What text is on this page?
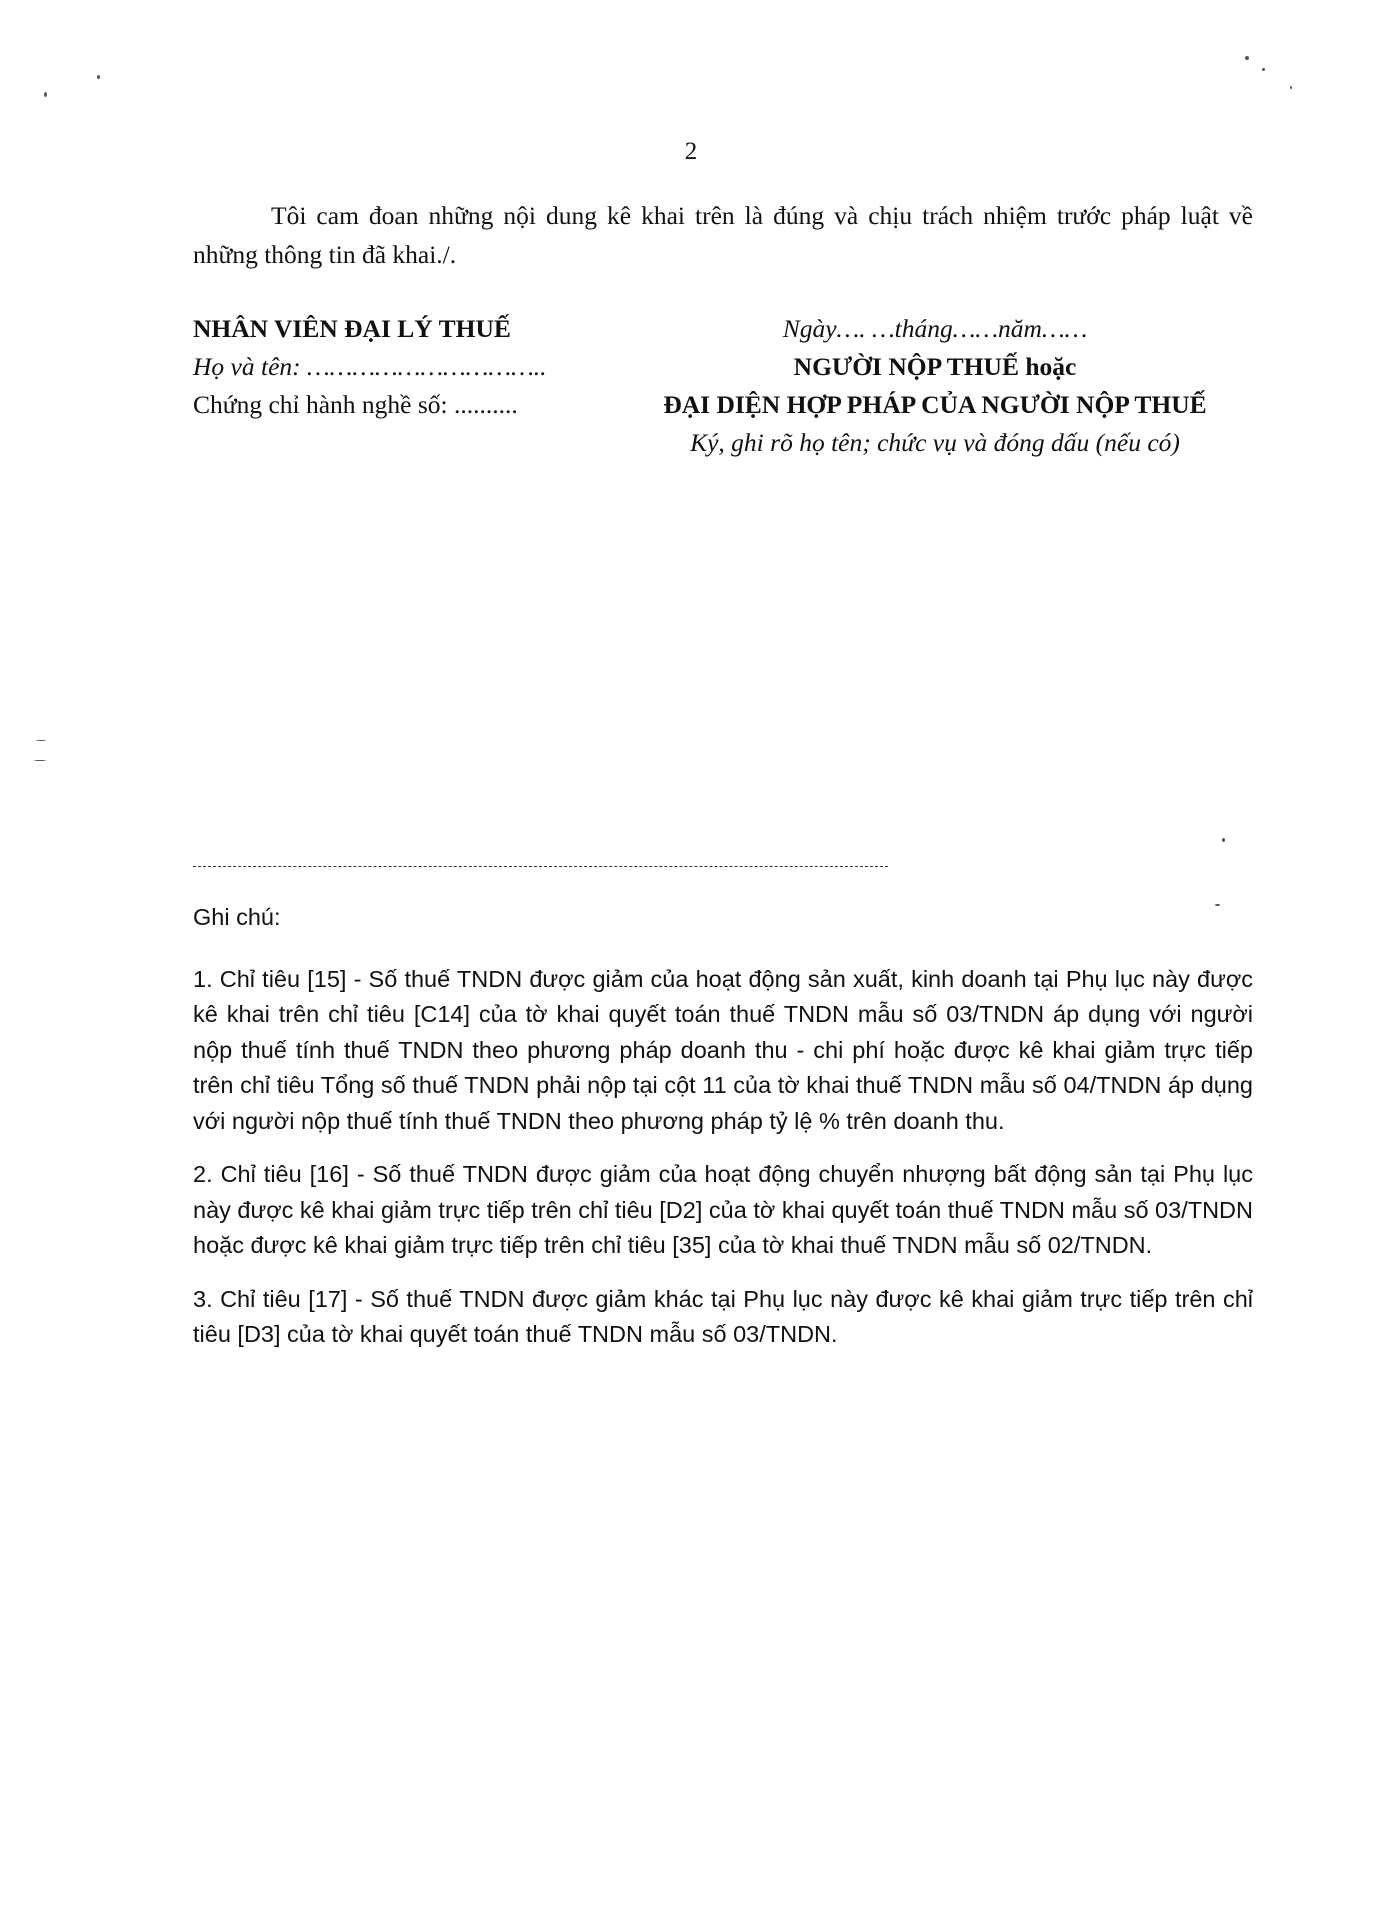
2

Tôi cam đoan những nội dung kê khai trên là đúng và chịu trách nhiệm trước pháp luật về những thông tin đã khai./.

NHÂN VIÊN ĐẠI LÝ THUẾ
Họ và tên: …………………………..
Chứng chỉ hành nghề số: ..........
Ngày…. …tháng……năm……
NGƯỜI NỘP THUẾ hoặc
ĐẠI DIỆN HỢP PHÁP CỦA NGƯỜI NỘP THUẾ
Ký, ghi rõ họ tên; chức vụ và đóng dấu (nếu có)

Ghi chú:

1. Chỉ tiêu [15] - Số thuế TNDN được giảm của hoạt động sản xuất, kinh doanh tại Phụ lục này được kê khai trên chỉ tiêu [C14] của tờ khai quyết toán thuế TNDN mẫu số 03/TNDN áp dụng với người nộp thuế tính thuế TNDN theo phương pháp doanh thu - chi phí hoặc được kê khai giảm trực tiếp trên chỉ tiêu Tổng số thuế TNDN phải nộp tại cột 11 của tờ khai thuế TNDN mẫu số 04/TNDN áp dụng với người nộp thuế tính thuế TNDN theo phương pháp tỷ lệ % trên doanh thu.

2. Chỉ tiêu [16] - Số thuế TNDN được giảm của hoạt động chuyển nhượng bất động sản tại Phụ lục này được kê khai giảm trực tiếp trên chỉ tiêu [D2] của tờ khai quyết toán thuế TNDN mẫu số 03/TNDN hoặc được kê khai giảm trực tiếp trên chỉ tiêu [35] của tờ khai thuế TNDN mẫu số 02/TNDN.

3. Chỉ tiêu [17] - Số thuế TNDN được giảm khác tại Phụ lục này được kê khai giảm trực tiếp trên chỉ tiêu [D3] của tờ khai quyết toán thuế TNDN mẫu số 03/TNDN.
